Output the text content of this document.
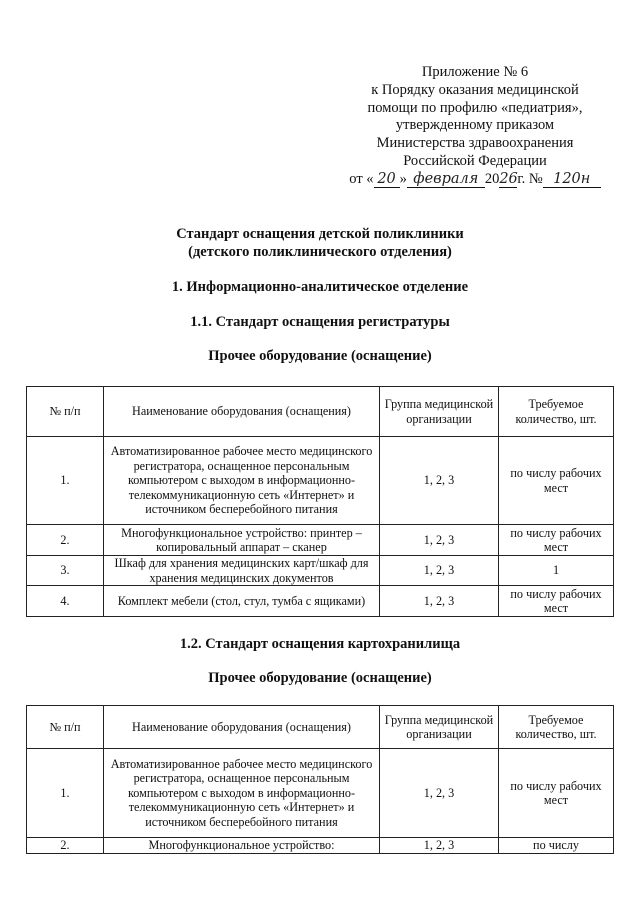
Приложение № 6
к Порядку оказания медицинской
помощи по профилю «педиатрия»,
утвержденному приказом
Министерства здравоохранения
Российской Федерации
от « 20 » февраля 20 26 г. № 120н
Стандарт оснащения детской поликлиники
(детского поликлинического отделения)
1. Информационно-аналитическое отделение
1.1. Стандарт оснащения регистратуры
Прочее оборудование (оснащение)
№ п/п	Наименование оборудования (оснащения)	Группа медицинской организации	Требуемое количество, шт.
1.	Автоматизированное рабочее место медицинского регистратора, оснащенное персональным компьютером с выходом в информационно-телекоммуникационную сеть «Интернет» и источником бесперебойного питания	1, 2, 3	по числу рабочих мест
2.	Многофункциональное устройство: принтер – копировальный аппарат – сканер	1, 2, 3	по числу рабочих мест
3.	Шкаф для хранения медицинских карт/шкаф для хранения медицинских документов	1, 2, 3	1
4.	Комплект мебели (стол, стул, тумба с ящиками)	1, 2, 3	по числу рабочих мест
1.2. Стандарт оснащения картохранилища
Прочее оборудование (оснащение)
№ п/п	Наименование оборудования (оснащения)	Группа медицинской организации	Требуемое количество, шт.
1.	Автоматизированное рабочее место медицинского регистратора, оснащенное персональным компьютером с выходом в информационно-телекоммуникационную сеть «Интернет» и источником бесперебойного питания	1, 2, 3	по числу рабочих мест
2.	Многофункциональное устройство:	1, 2, 3	по числу
